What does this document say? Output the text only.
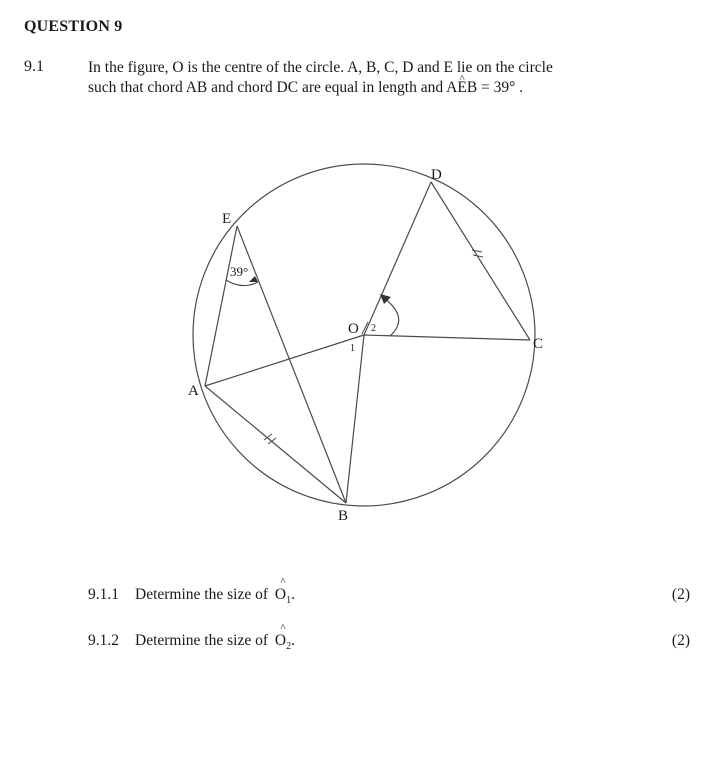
QUESTION 9
9.1	In the figure, O is the centre of the circle. A, B, C, D and E lie on the circle
such that chord AB and chord DC are equal in length and A^ EB = 39° .
E
D
C
A
B
O
1
2
39°
9.1.1 Determine the size of ^ $O_1$.	(2)
9.1.2 Determine the size of ^ $O_2$.	(2)
